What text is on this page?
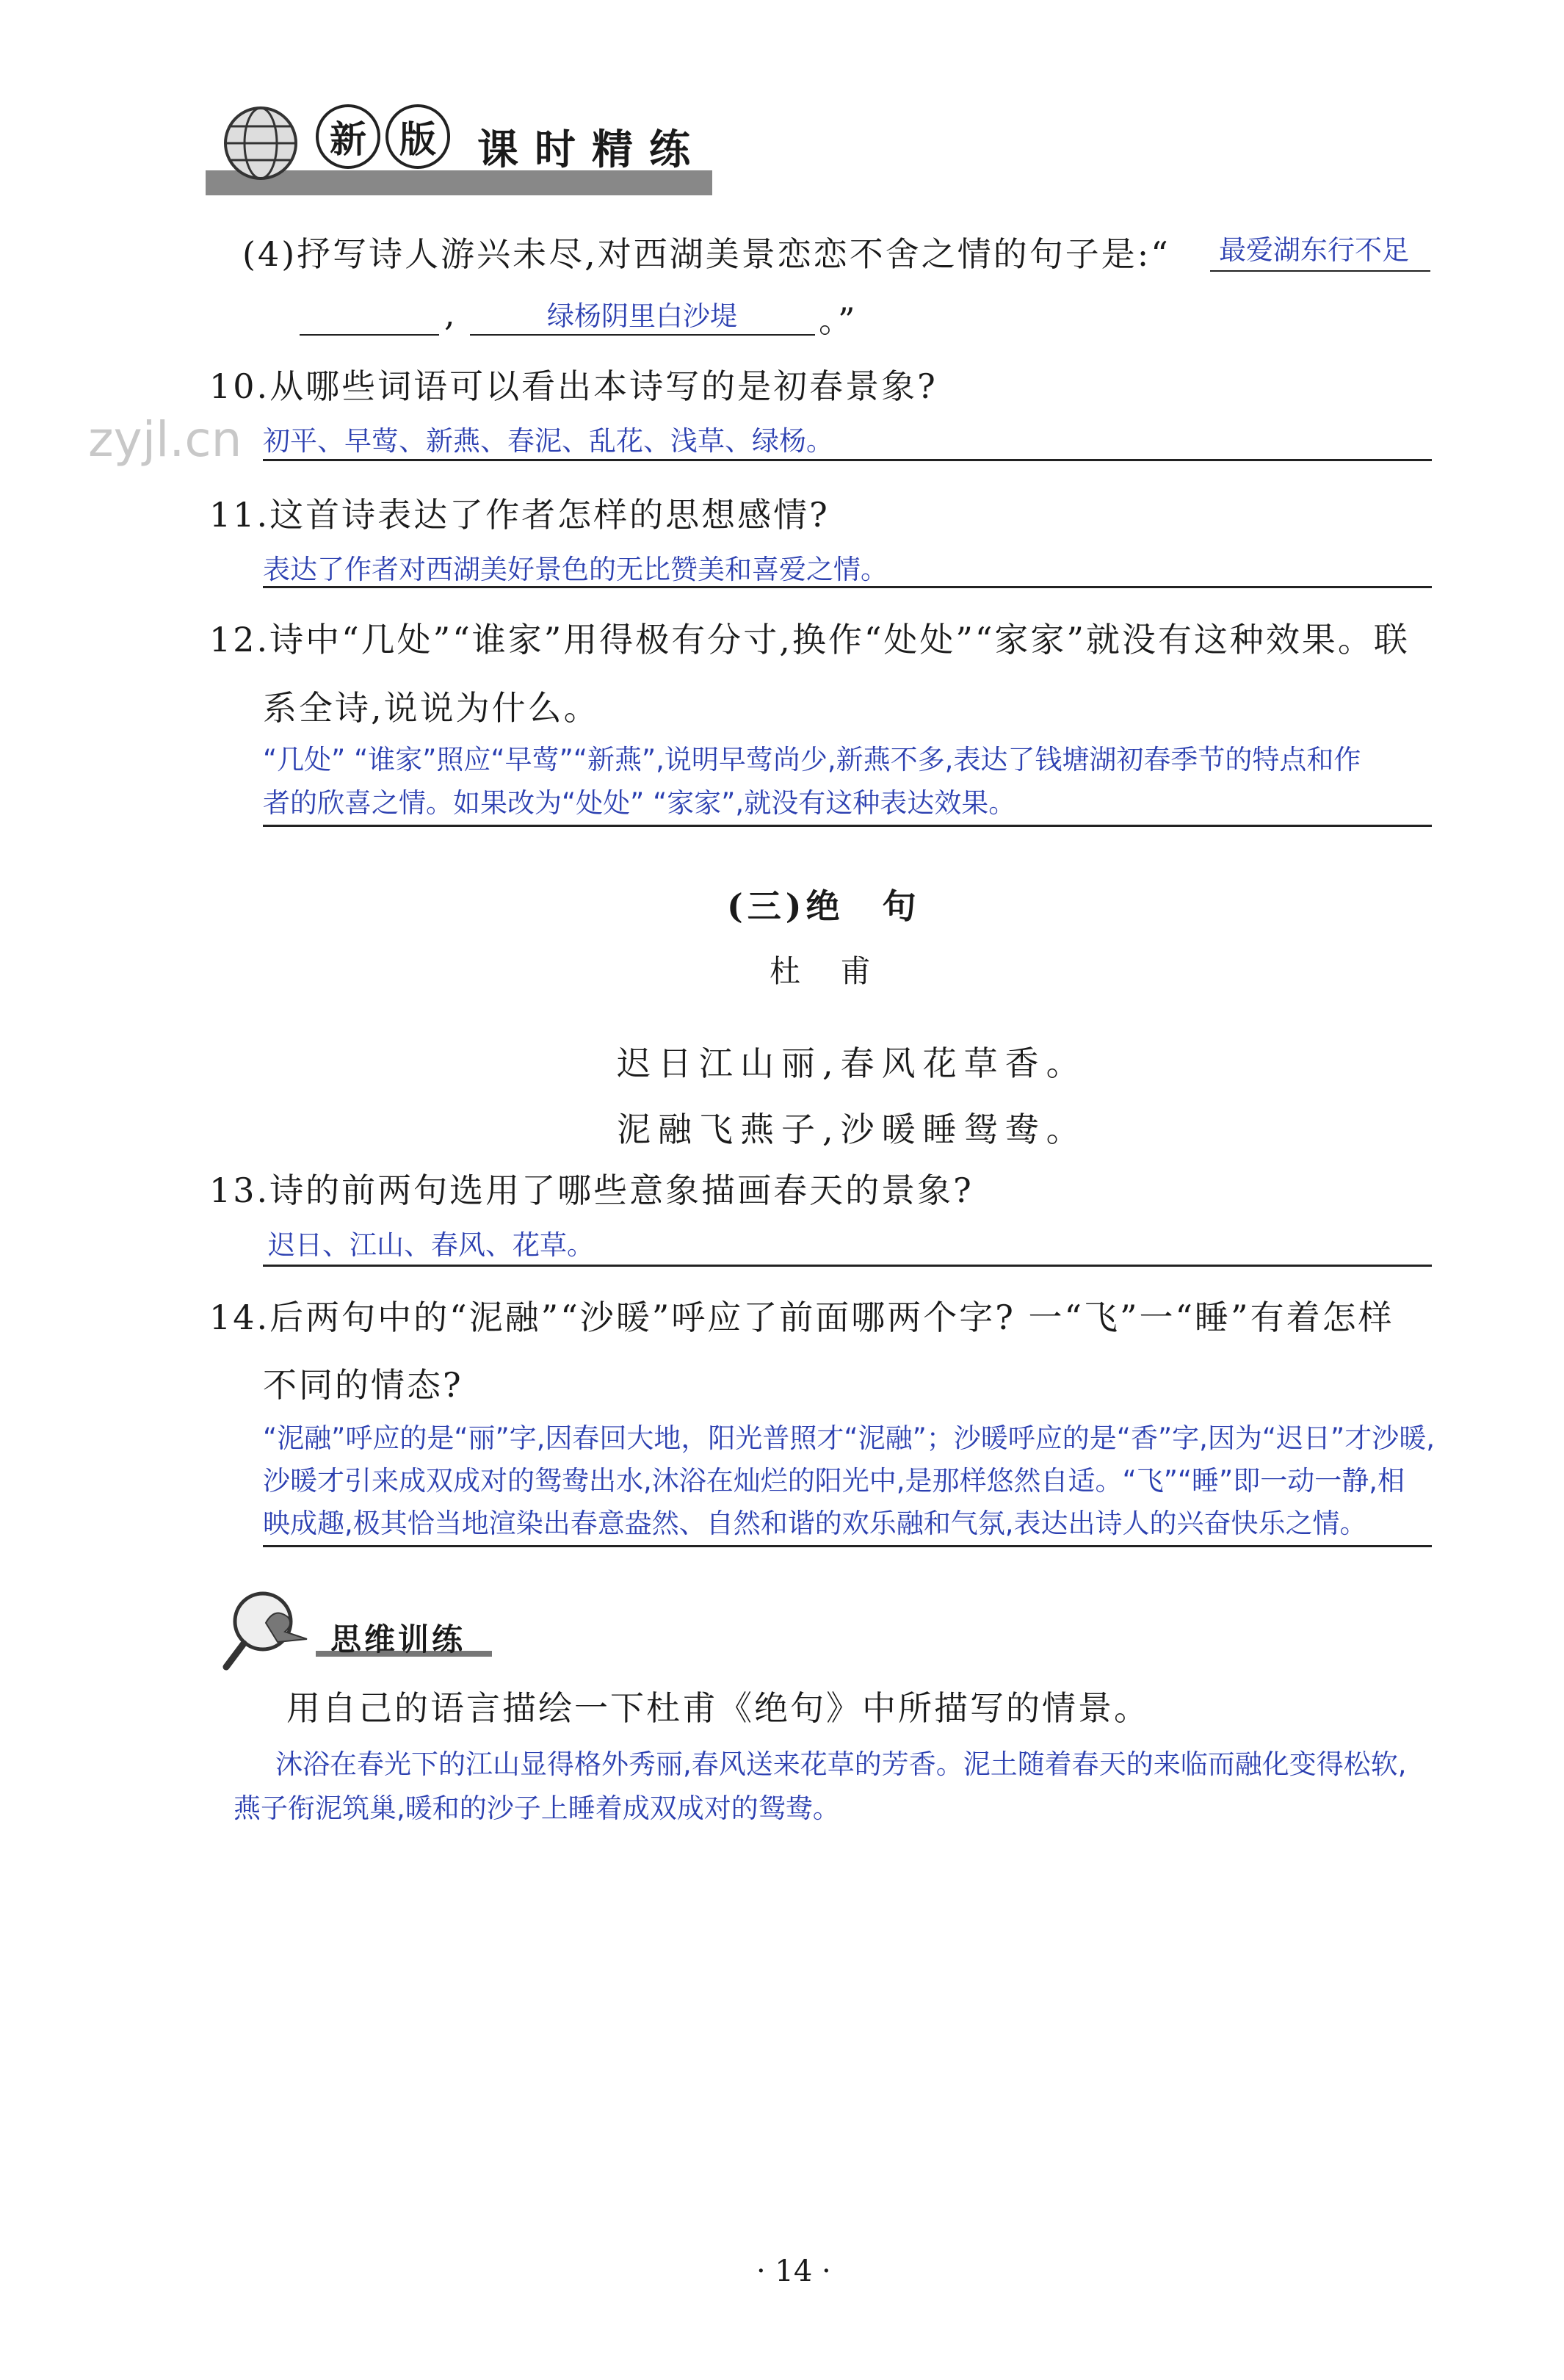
新 版	课时精练
zyjl.cn
(4)抒写诗人游兴未尽,对西湖美景恋恋不舍之情的句子是:“ 最爱湖东行不足
,	绿杨阴里白沙堤 。”
10.从哪些词语可以看出本诗写的是初春景象?
初平、早莺、新燕、春泥、乱花、浅草、绿杨。
11.这首诗表达了作者怎样的思想感情?
表达了作者对西湖美好景色的无比赞美和喜爱之情。
12.诗中“几处”“谁家”用得极有分寸,换作“处处”“家家”就没有这种效果。联
系全诗,说说为什么。
“几处” “谁家”照应“早莺”“新燕”,说明早莺尚少,新燕不多,表达了钱塘湖初春季节的特点和作
者的欣喜之情。如果改为“处处” “家家”,就没有这种表达效果。
(三)绝　句
杜　甫
迟日江山丽,春风花草香。
泥融飞燕子,沙暖睡鸳鸯。
13.诗的前两句选用了哪些意象描画春天的景象?
迟日、江山、春风、花草。
14.后两句中的“泥融”“沙暖”呼应了前面哪两个字? 一“飞”一“睡”有着怎样
不同的情态?
“泥融”呼应的是“丽”字,因春回大地，阳光普照才“泥融”；沙暖呼应的是“香”字,因为“迟日”才沙暖,
沙暖才引来成双成对的鸳鸯出水,沐浴在灿烂的阳光中,是那样悠然自适。“飞”“睡”即一动一静,相
映成趣,极其恰当地渲染出春意盎然、自然和谐的欢乐融和气氛,表达出诗人的兴奋快乐之情。
思维训练
用自己的语言描绘一下杜甫《绝句》中所描写的情景。
沐浴在春光下的江山显得格外秀丽,春风送来花草的芳香。泥土随着春天的来临而融化变得松软,
燕子衔泥筑巢,暖和的沙子上睡着成双成对的鸳鸯。
· 14 ·
